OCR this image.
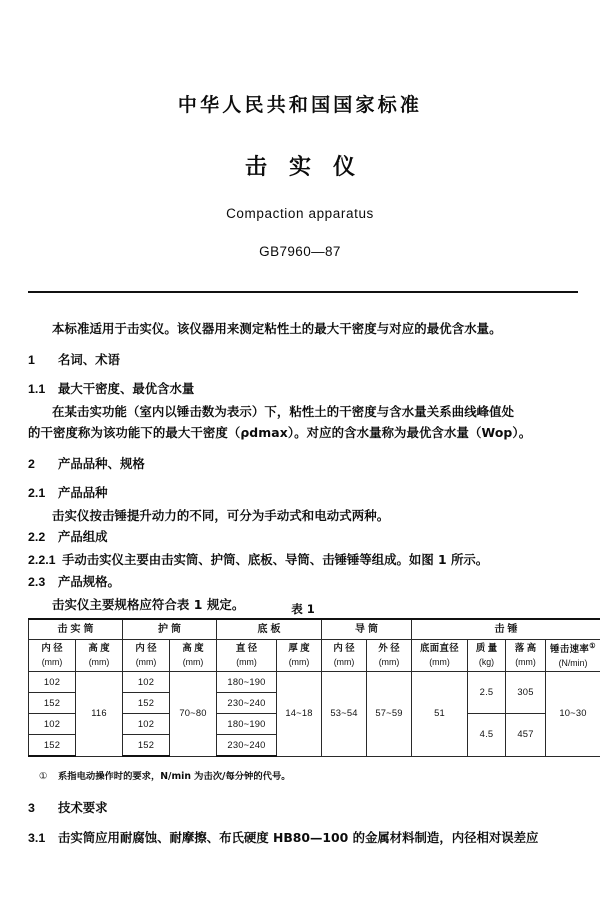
中华人民共和国国家标准
击实仪
Compaction apparatus
GB7960—87

本标准适用于击实仪。该仪器用来测定粘性土的最大干密度与对应的最优含水量。

1 名词、术语

1.1 最大干密度、最优含水量

在某击实功能（室内以锤击数为表示）下，粘性土的干密度与含水量关系曲线峰值处

的干密度称为该功能下的最大干密度（ρdmax）。对应的含水量称为最优含水量（Wop）。

2 产品品种、规格

2.1 产品品种

击实仪按击锤提升动力的不同，可分为手动式和电动式两种。

2.2 产品组成

2.2.1 手动击实仪主要由击实筒、护筒、底板、导筒、击锤锤等组成。如图 1 所示。

2.3 产品规格。

击实仪主要规格应符合表 1 规定。	表 1
击实筒		护筒		底板		导筒		击锤			

内径
(mm)	高度
(mm)	内径
(mm)	高度
(mm)	直径
(mm)	厚度
(mm)	内径
(mm)	外径
(mm)	底面直径
(mm)	质量
(kg)	落高
(mm)	锤击速率①
(N/min)

102	116	102	70~80	180~190	14~18	53~54	57~59	51	2.5	305	10~30
152		152		230~240							
102		102		180~190					4.5	457	
152		152		230~240							
① 系指电动操作时的要求，N/min 为击次/每分钟的代号。

3 技术要求

3.1 击实筒应用耐腐蚀、耐摩擦、布氏硬度 HB80—100 的金属材料制造，内径相对误差应
